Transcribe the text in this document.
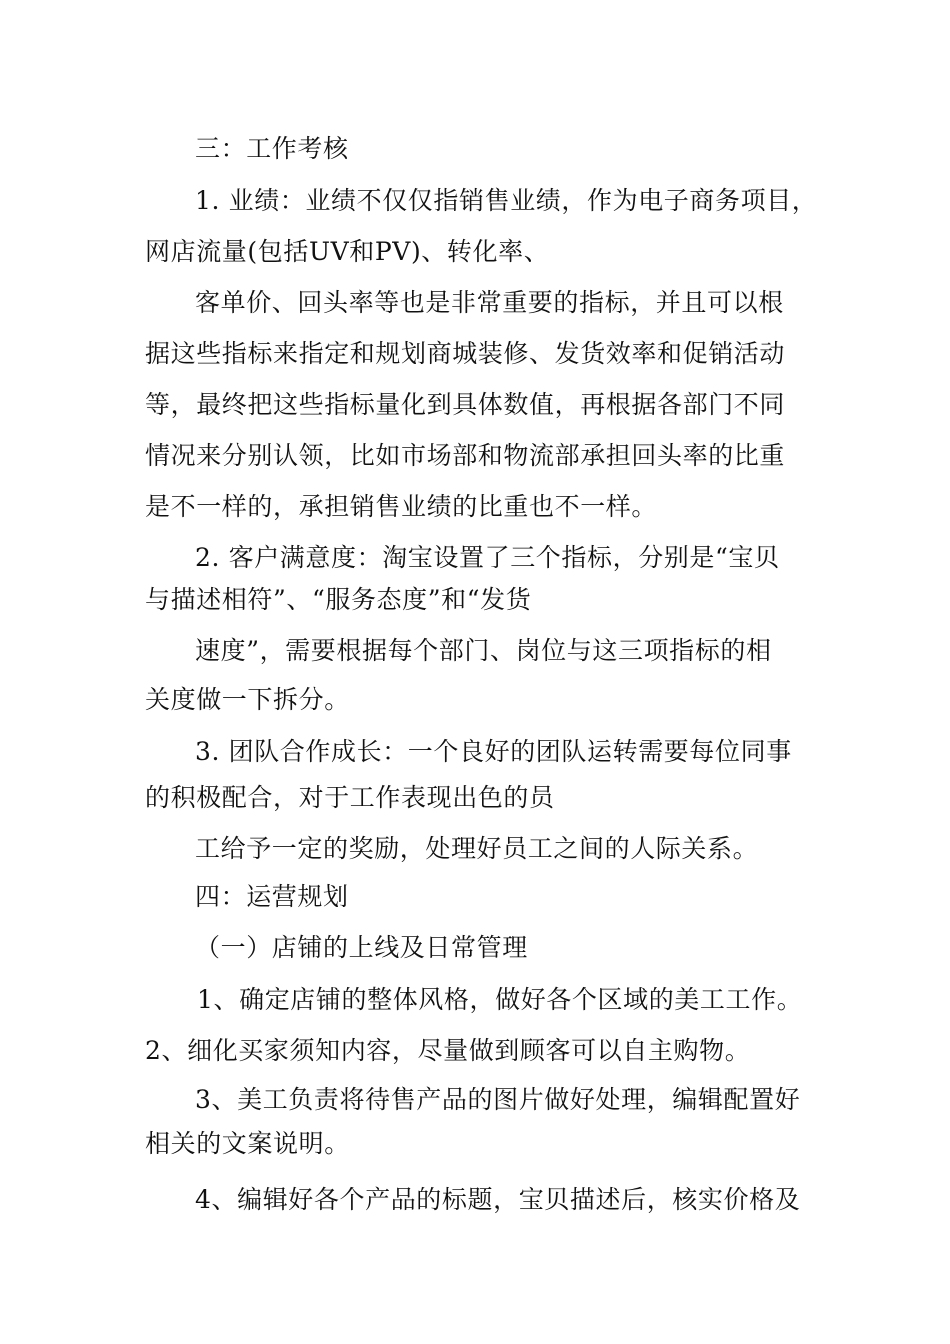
三：工作考核
1. 业绩：业绩不仅仅指销售业绩，作为电子商务项目，
网店流量(包括UV和PV)、转化率、
客单价、回头率等也是非常重要的指标，并且可以根
据这些指标来指定和规划商城装修、发货效率和促销活动
等，最终把这些指标量化到具体数值，再根据各部门不同
情况来分别认领，比如市场部和物流部承担回头率的比重
是不一样的，承担销售业绩的比重也不一样。
2. 客户满意度：淘宝设置了三个指标，分别是“宝贝
与描述相符”、“服务态度”和“发货
速度”，需要根据每个部门、岗位与这三项指标的相
关度做一下拆分。
3. 团队合作成长：一个良好的团队运转需要每位同事
的积极配合，对于工作表现出色的员
工给予一定的奖励，处理好员工之间的人际关系。
四：运营规划
（一）店铺的上线及日常管理
1、确定店铺的整体风格，做好各个区域的美工工作。
2、细化买家须知内容，尽量做到顾客可以自主购物。
3、美工负责将待售产品的图片做好处理，编辑配置好
相关的文案说明。
4、编辑好各个产品的标题，宝贝描述后，核实价格及
